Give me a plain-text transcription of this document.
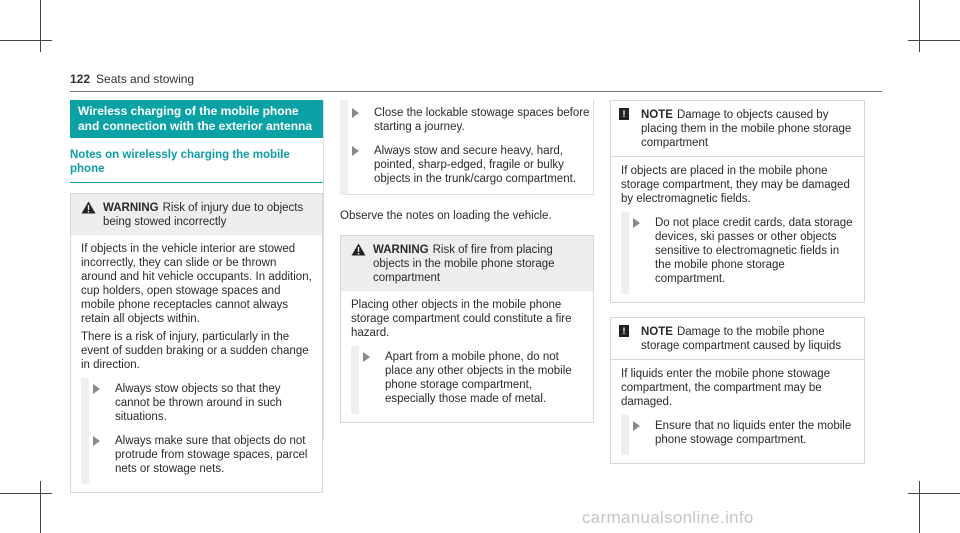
122 Seats and stowing
Wireless charging of the mobile phone and connection with the exterior antenna
Notes on wirelessly charging the mobile phone
WARNING Risk of injury due to objects being stowed incorrectly

If objects in the vehicle interior are stowed incorrectly, they can slide or be thrown around and hit vehicle occupants. In addition, cup holders, open stowage spaces and mobile phone receptacles cannot always retain all objects within.

There is a risk of injury, particularly in the event of sudden braking or a sudden change in direction.

Always stow objects so that they cannot be thrown around in such situations.
Always make sure that objects do not protrude from stowage spaces, parcel nets or stowage nets.
Close the lockable stowage spaces before starting a journey.
Always stow and secure heavy, hard, pointed, sharp-edged, fragile or bulky objects in the trunk/cargo compartment.

Observe the notes on loading the vehicle.

WARNING Risk of fire from placing objects in the mobile phone storage compartment

Placing other objects in the mobile phone storage compartment could constitute a fire hazard.

Apart from a mobile phone, do not place any other objects in the mobile phone storage compartment, especially those made of metal.
!	NOTE Damage to objects caused by placing them in the mobile phone storage compartment

If objects are placed in the mobile phone storage compartment, they may be damaged by electromagnetic fields.

Do not place credit cards, data storage devices, ski passes or other objects sensitive to electromagnetic fields in the mobile phone storage compartment.
!	NOTE Damage to the mobile phone storage compartment caused by liquids

If liquids enter the mobile phone stowage compartment, the compartment may be damaged.

Ensure that no liquids enter the mobile phone stowage compartment.
carmanualsonline.info
